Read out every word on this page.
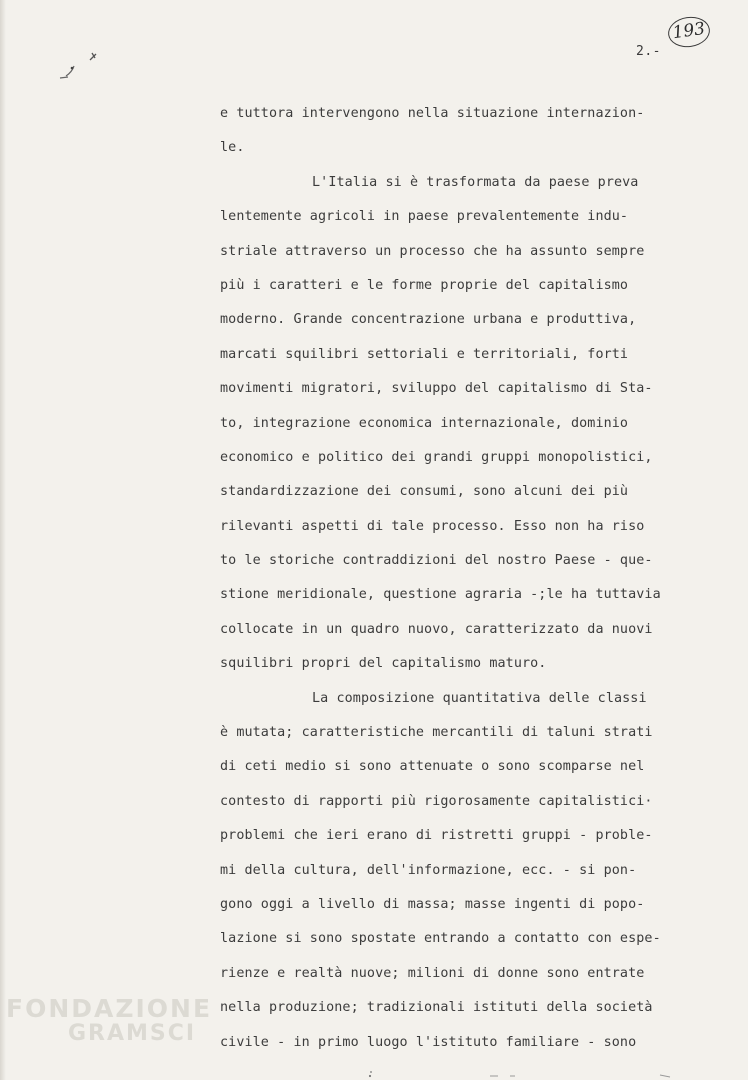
2.-
193
e tuttora intervengono nella situazione internazion-
le.
L'Italia si è trasformata da paese preva
lentemente agricoli in paese prevalentemente indu-
striale attraverso un processo che ha assunto sempre
più i caratteri e le forme proprie del capitalismo
moderno. Grande concentrazione urbana e produttiva,
marcati squilibri settoriali e territoriali, forti
movimenti migratori, sviluppo del capitalismo di Sta-
to, integrazione economica internazionale, dominio
economico e politico dei grandi gruppi monopolistici,
standardizzazione dei consumi, sono alcuni dei più
rilevanti aspetti di tale processo. Esso non ha riso
to le storiche contraddizioni del nostro Paese - que-
stione meridionale, questione agraria -;le ha tuttavia
collocate in un quadro nuovo, caratterizzato da nuovi
squilibri propri del capitalismo maturo.
La composizione quantitativa delle classi
è mutata; caratteristiche mercantili di taluni strati
di ceti medio si sono attenuate o sono scomparse nel
contesto di rapporti più rigorosamente capitalistici·
problemi che ieri erano di ristretti gruppi - proble-
mi della cultura, dell'informazione, ecc. - si pon-
gono oggi a livello di massa; masse ingenti di popo-
lazione si sono spostate entrando a contatto con espe-
rienze e realtà nuove; milioni di donne sono entrate
nella produzione; tradizionali istituti della società
civile - in primo luogo l'istituto familiare - sono
FONDAZIONE
GRAMSCI
